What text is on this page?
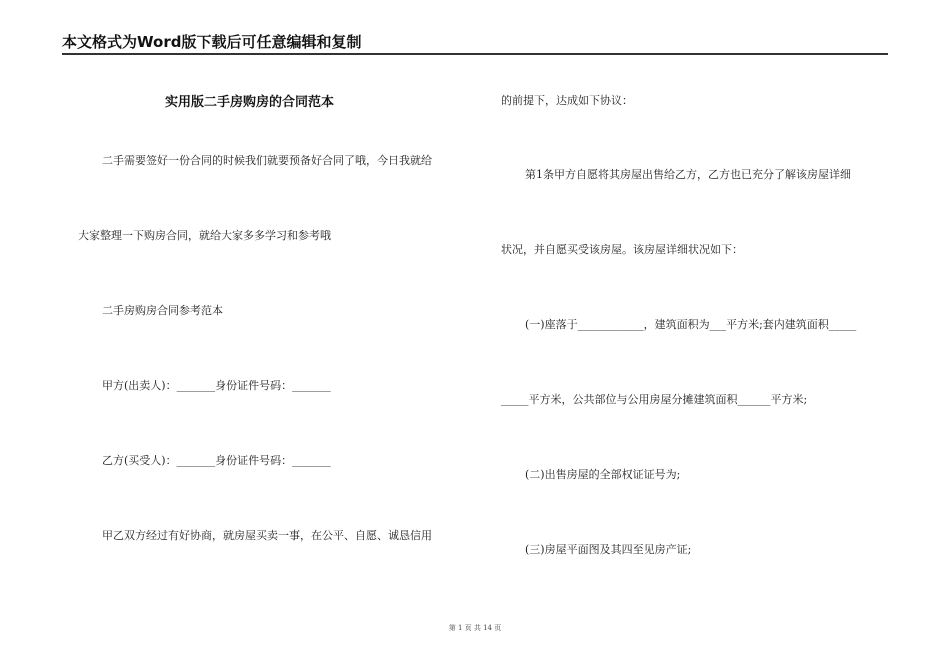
本文格式为Word版下载后可任意编辑和复制
实用版二手房购房的合同范本
二手需要签好一份合同的时候我们就要预备好合同了哦，今日我就给
大家整理一下购房合同，就给大家多多学习和参考哦
二手房购房合同参考范本
甲方(出卖人)：_______身份证件号码：_______
乙方(买受人)：_______身份证件号码：_______
甲乙双方经过有好协商，就房屋买卖一事，在公平、自愿、诚恳信用
的前提下，达成如下协议：
第1条甲方自愿将其房屋出售给乙方，乙方也已充分了解该房屋详细
状况，并自愿买受该房屋。该房屋详细状况如下：
(一)座落于____________，建筑面积为___平方米;套内建筑面积_____
_____平方米，公共部位与公用房屋分摊建筑面积______平方米;
(二)出售房屋的全部权证证号为;
(三)房屋平面图及其四至见房产证;
第 1 页 共 14 页
